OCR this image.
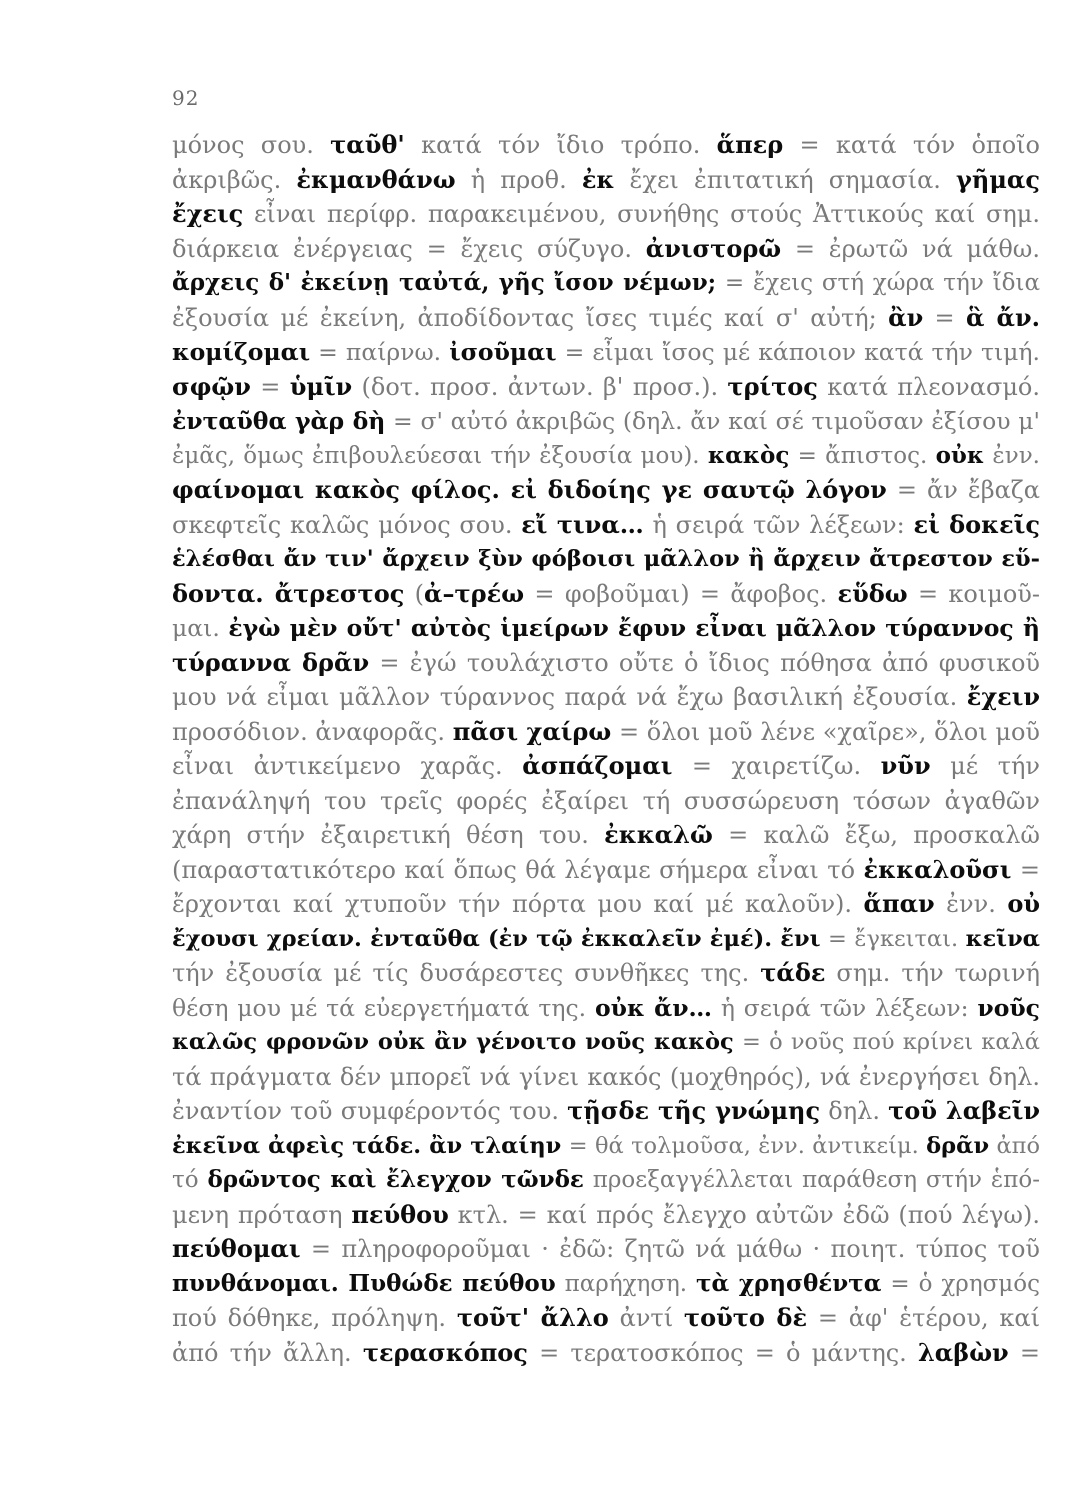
92
μόνος σου. ταῦθ' κατά τόν ἴδιο τρόπο. ἅπερ = κατά τόν ὁποῖο
ἀκριβῶς. ἐκμανθάνω ἡ προθ. ἐκ ἔχει ἐπιτατική σημασία. γῆμας
ἔχεις εἶναι περίφρ. παρακειμένου, συνήθης στούς Ἀττικούς καί σημ.
διάρκεια ἐνέργειας = ἔχεις σύζυγο. ἀνιστορῶ = ἐρωτῶ νά μάθω.
ἄρχεις δ' ἐκείνῃ ταὐτά, γῆς ἴσον νέμων; = ἔχεις στή χώρα τήν ἴδια
ἐξουσία μέ ἐκείνη, ἀποδίδοντας ἴσες τιμές καί σ' αὐτή; ἂν = ἃ ἄν.
κομίζομαι = παίρνω. ἰσοῦμαι = εἶμαι ἴσος μέ κάποιον κατά τήν τιμή.
σφῷν = ὑμῖν (δοτ. προσ. ἀντων. β' προσ.). τρίτος κατά πλεονασμό.
ἐνταῦθα γὰρ δὴ = σ' αὐτό ἀκριβῶς (δηλ. ἄν καί σέ τιμοῦσαν ἐξίσου μ'
ἐμᾶς, ὅμως ἐπιβουλεύεσαι τήν ἐξουσία μου). κακὸς = ἄπιστος. οὐκ ἐνν.
φαίνομαι κακὸς φίλος. εἰ διδοίης γε σαυτῷ λόγον = ἄν ἔβαζα
σκεφτεῖς καλῶς μόνος σου. εἴ τινα… ἡ σειρά τῶν λέξεων: εἰ δοκεῖς
ἑλέσθαι ἄν τιν' ἄρχειν ξὺν φόβοισι μᾶλλον ἢ ἄρχειν ἄτρεστον εὕ-
δοντα. ἄτρεστος (ἀ–τρέω = φοβοῦμαι) = ἄφοβος. εὕδω = κοιμοῦ-
μαι. ἐγὼ μὲν οὔτ' αὐτὸς ἱμείρων ἔφυν εἶναι μᾶλλον τύραννος ἢ
τύραννα δρᾶν = ἐγώ τουλάχιστο οὔτε ὁ ἴδιος πόθησα ἀπό φυσικοῦ
μου νά εἶμαι μᾶλλον τύραννος παρά νά ἔχω βασιλική ἐξουσία. ἔχειν
προσόδιον. ἀναφορᾶς. πᾶσι χαίρω = ὅλοι μοῦ λένε «χαῖρε», ὅλοι μοῦ
εἶναι ἀντικείμενο χαρᾶς. ἀσπάζομαι = χαιρετίζω. νῦν μέ τήν
ἐπανάληψή του τρεῖς φορές ἐξαίρει τή συσσώρευση τόσων ἀγαθῶν
χάρη στήν ἐξαιρετική θέση του. ἐκκαλῶ = καλῶ ἔξω, προσκαλῶ
(παραστατικότερο καί ὅπως θά λέγαμε σήμερα εἶναι τό ἐκκαλοῦσι =
ἔρχονται καί χτυποῦν τήν πόρτα μου καί μέ καλοῦν). ἅπαν ἐνν. οὐ
ἔχουσι χρείαν. ἐνταῦθα (ἐν τῷ ἐκκαλεῖν ἐμέ). ἔνι = ἔγκειται. κεῖνα
τήν ἐξουσία μέ τίς δυσάρεστες συνθῆκες της. τάδε σημ. τήν τωρινή
θέση μου μέ τά εὐεργετήματά της. οὐκ ἄν… ἡ σειρά τῶν λέξεων: νοῦς
καλῶς φρονῶν οὐκ ἂν γένοιτο νοῦς κακὸς = ὁ νοῦς πού κρίνει καλά
τά πράγματα δέν μπορεῖ νά γίνει κακός (μοχθηρός), νά ἐνεργήσει δηλ.
ἐναντίον τοῦ συμφέροντός του. τῇσδε τῆς γνώμης δηλ. τοῦ λαβεῖν
ἐκεῖνα ἀφεὶς τάδε. ἂν τλαίην = θά τολμοῦσα, ἐνν. ἀντικείμ. δρᾶν ἀπό
τό δρῶντος καὶ ἔλεγχον τῶνδε προεξαγγέλλεται παράθεση στήν ἑπό-
μενη πρόταση πεύθου κτλ. = καί πρός ἔλεγχο αὐτῶν ἐδῶ (πού λέγω).
πεύθομαι = πληροφοροῦμαι · ἐδῶ: ζητῶ νά μάθω · ποιητ. τύπος τοῦ
πυνθάνομαι. Πυθώδε πεύθου παρήχηση. τὰ χρησθέντα = ὁ χρησμός
πού δόθηκε, πρόληψη. τοῦτ' ἄλλο ἀντί τοῦτο δὲ = ἀφ' ἑτέρου, καί
ἀπό τήν ἄλλη. τερασκόπος = τερατοσκόπος = ὁ μάντης. λαβὼν =
